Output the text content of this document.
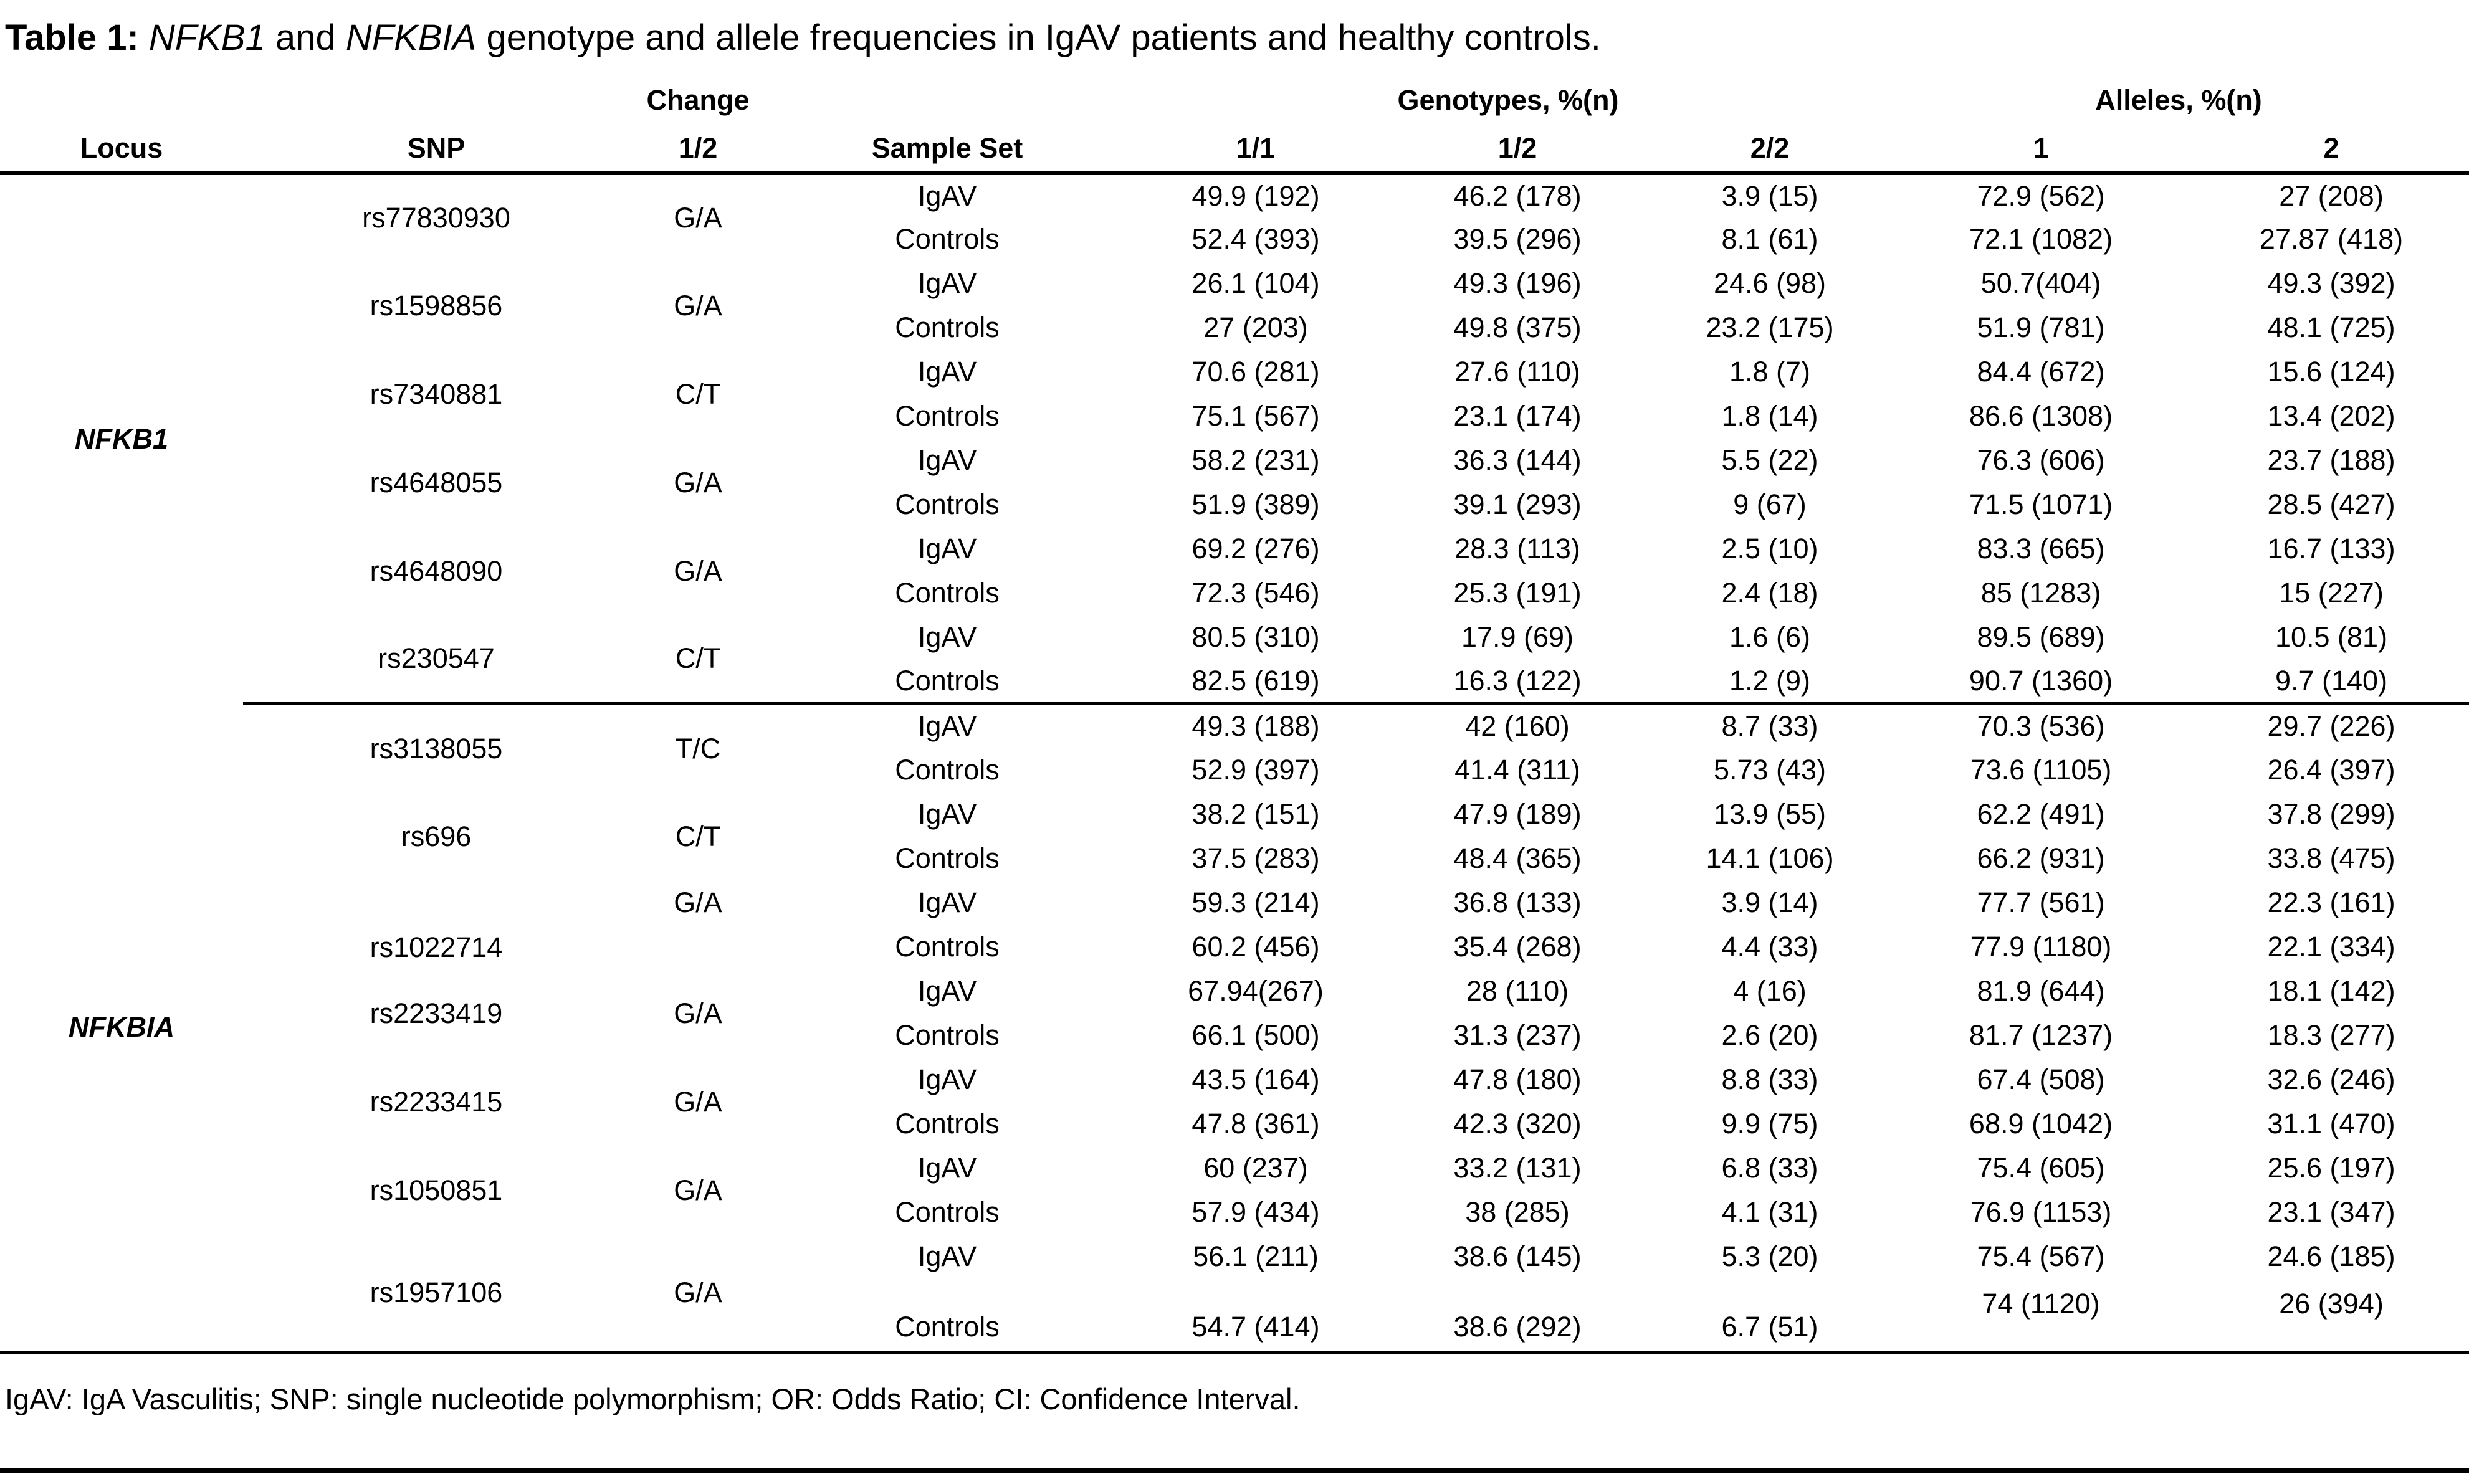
Table 1: NFKB1 and NFKBIA genotype and allele frequencies in IgAV patients and healthy controls.
		Change		Genotypes, %(n)			Alleles, %(n)	
Locus	SNP	1/2	Sample Set	1/1	1/2	2/2	1	2
NFKB1	rs77830930	G/A	IgAV	49.9 (192)	46.2 (178)	3.9 (15)	72.9 (562)	27 (208)
			Controls	52.4 (393)	39.5 (296)	8.1 (61)	72.1 (1082)	27.87 (418)
	rs1598856	G/A	IgAV	26.1 (104)	49.3 (196)	24.6 (98)	50.7(404)	49.3 (392)
			Controls	27 (203)	49.8 (375)	23.2 (175)	51.9 (781)	48.1 (725)
	rs7340881	C/T	IgAV	70.6 (281)	27.6 (110)	1.8 (7)	84.4 (672)	15.6 (124)
			Controls	75.1 (567)	23.1 (174)	1.8 (14)	86.6 (1308)	13.4 (202)
	rs4648055	G/A	IgAV	58.2 (231)	36.3 (144)	5.5 (22)	76.3 (606)	23.7 (188)
			Controls	51.9 (389)	39.1 (293)	9 (67)	71.5 (1071)	28.5 (427)
	rs4648090	G/A	IgAV	69.2 (276)	28.3 (113)	2.5 (10)	83.3 (665)	16.7 (133)
			Controls	72.3 (546)	25.3 (191)	2.4 (18)	85 (1283)	15 (227)
	rs230547	C/T	IgAV	80.5 (310)	17.9 (69)	1.6 (6)	89.5 (689)	10.5 (81)
			Controls	82.5 (619)	16.3 (122)	1.2 (9)	90.7 (1360)	9.7 (140)
NFKBIA	rs3138055	T/C	IgAV	49.3 (188)	42 (160)	8.7 (33)	70.3 (536)	29.7 (226)
			Controls	52.9 (397)	41.4 (311)	5.73 (43)	73.6 (1105)	26.4 (397)
	rs696	C/T	IgAV	38.2 (151)	47.9 (189)	13.9 (55)	62.2 (491)	37.8 (299)
			Controls	37.5 (283)	48.4 (365)	14.1 (106)	66.2 (931)	33.8 (475)
	rs1022714	G/A	IgAV	59.3 (214)	36.8 (133)	3.9 (14)	77.7 (561)	22.3 (161)
			Controls	60.2 (456)	35.4 (268)	4.4 (33)	77.9 (1180)	22.1 (334)
	rs2233419	G/A	IgAV	67.94(267)	28 (110)	4 (16)	81.9 (644)	18.1 (142)
			Controls	66.1 (500)	31.3 (237)	2.6 (20)	81.7 (1237)	18.3 (277)
	rs2233415	G/A	IgAV	43.5 (164)	47.8 (180)	8.8 (33)	67.4 (508)	32.6 (246)
			Controls	47.8 (361)	42.3 (320)	9.9 (75)	68.9 (1042)	31.1 (470)
	rs1050851	G/A	IgAV	60 (237)	33.2 (131)	6.8 (33)	75.4 (605)	25.6 (197)
			Controls	57.9 (434)	38 (285)	4.1 (31)	76.9 (1153)	23.1 (347)
	rs1957106	G/A	IgAV	56.1 (211)	38.6 (145)	5.3 (20)	75.4 (567)	24.6 (185)
			Controls	54.7 (414)	38.6 (292)	6.7 (51)	74 (1120)	26 (394)
IgAV: IgA Vasculitis; SNP: single nucleotide polymorphism; OR: Odds Ratio; CI: Confidence Interval.
